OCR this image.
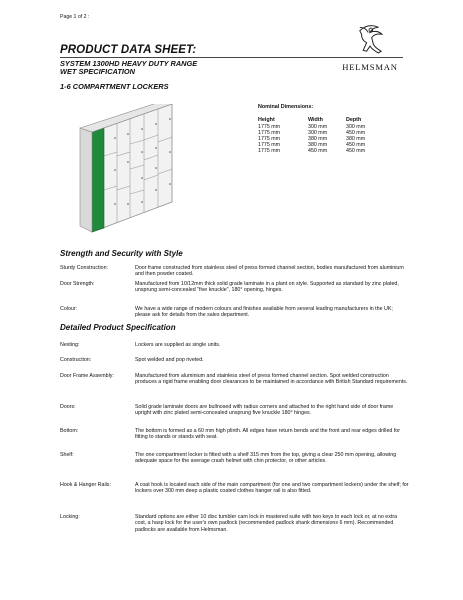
Page 1 of 2 :
PRODUCT DATA SHEET:
SYSTEM 1300HD HEAVY DUTY RANGE
WET SPECIFICATION
1-6 COMPARTMENT LOCKERS
HELMSMAN
Nominal Dimensions:
Height	Width	Depth
1775 mm	300 mm	300 mm
1775 mm	300 mm	450 mm
1775 mm	380 mm	380 mm
1775 mm	380 mm	450 mm
1775 mm	450 mm	450 mm
Strength and Security with Style
Sturdy Construction:	Door frame constructed from stainless steel of press formed channel section, bodies manufactured from aluminium and then powder coated.
Door Strength:	Manufactured from 10/12mm thick solid grade laminate in a plant on style. Supported as standard by zinc plated, unsprung semi-concealed "five knuckle", 180° opening, hinges.
Colour:	We have a wide range of modern colours and finishes available from several leading manufacturers in the UK; please ask for details from the sales department.
Detailed Product Specification
Nesting:	Lockers are supplied as single units.
Construction:	Spot welded and pop riveted.
Door Frame Assembly:	Manufactured from aluminium and stainless steel of press formed channel section. Spot welded construction produces a rigid frame enabling door clearances to be maintained in accordance with British Standard requirements.
Doors:	Solid grade laminate doors are bullnosed with radius corners and attached to the right hand side of door frame upright with zinc plated semi-concealed unsprung five knuckle 180° hinges.
Bottom:	The bottom is formed as a 60 mm high plinth. All edges have return bends and the front and rear edges drilled for fitting to stands or stands with seat.
Shelf:	The one compartment locker is fitted with a shelf 315 mm from the top, giving a clear 250 mm opening, allowing adequate space for the average crash helmet with chin protector, or other articles.
Hook & Hanger Rails:	A coat hook is located each side of the main compartment (for one and two compartment lockers) under the shelf; for lockers over 300 mm deep a plastic coated clothes hanger rail is also fitted.
Locking:	Standard options are either 10 disc tumbler cam lock in mastered suite with two keys to each lock or, at no extra cost, a hasp lock for the user's own padlock (recommended padlock shank dimensions 6 mm). Recommended padlocks are available from Helmsman.
